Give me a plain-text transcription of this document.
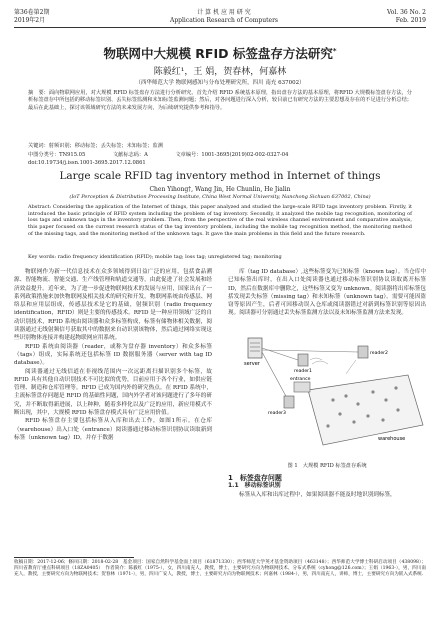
第36卷第2期
2019年2月
计 算 机 应 用 研 究
Application Research of Computers
Vol. 36 No. 2
Feb. 2019
物联网中大规模 RFID 标签盘存方法研究*
陈毅红¹，王 娟，贺春林，何嘉林
（西华师范大学 物联网感知与分布处理研究所，四川 南充 637002）
摘　要：面向物联网应用，对大规模 RFID 标签盘存方法进行分析研究。首先介绍 RFID 系统基本原理，指出盘存方法的基本原理，将RFID 大规模标签盘存方法，分析标签盘存中所包括的移动标签识别、丢失标签监测和未知标签监测问题；然后，对各问题进行深入分析，较目前已有研究方法的主要思想及存在的不足进行分析总结；最后在此基础上，探讨该领域研究方法的未来发展方向，为后续研究提供参考和指导。
关键词：射频识别；移动标签；丢失标签；未知标签；监测
中图分类号：TN915.05	文献标志码：A	文章编号：1001-3695(2019)02-002-0327-04
doi:10.19734/j.issn.1001-3695.2017.12.0861
Large scale RFID tag inventory method in Internet of things
Chen Yihong†, Wang Jin, He Chunlin, He Jialin
(IoT Perception & Distribution Processing Institute, China West Normal University, Nanchong Sichuan 637002, China)
Abstract: Considering the application of the Internet of things, this paper analyzed and studied the large-scale RFID tags inventory problem. Firstly, it introduced the basic principle of RFID system including the problem of tag inventory. Secondly, it analyzed the mobile tag recognition, monitoring of loss tags and unknown tags in the inventory problem. Then, from the perspective of the real wireless channel environment and comparative analysis, this paper focused on the current research status of the tag inventory problem, including the mobile tag recognition method, the monitoring method of the missing tags, and the monitoring method of the unknown tags. It gave the main problems in this field and the future research.
Key words: radio frequency identification (RFID); mobile tag; loss tag; unregistered tag; monitoring

物联网作为新一代信息技术在众多领域得到日益广泛的应用，包括食品溯源、智能物流、智能交通、生产线管理和轨道交通等，由此促进了社会发展和经济效益提升。近年来，为了进一步促进物联网技术的发展与应用，国家出台了一系列政策措施来加快物联网及相关技术的研究和开发。物联网系统由传感层、网络层和应用层组成，传感层技术是它的基础，射频识别（radio frequency identification，RFID）则是主要的传感技术。RFID 是一种应用领域广泛的自动识别技术，RFID 系统由阅读器和众多标签构成，标签有储物体相关数据，阅读器通过无线射频信号获取其中的数据来自动识别该物体，然后通过网络实现这些识别物体连接并构建起物联网应用系统。

RFID 系统由阅读器（reader，或称为盘存器 inventory）和众多标签（tags）组成，实际系统还包括标签 ID 数据服务器（server with tag ID database）。

阅读器通过无线信道在非视线范围内一次远距离扫描识别多个标签，故 RFID 具有其他自动识别技术不可比拟的优势，目前应用于各个行业，如供应链管理、制造和仓库管理等。RFID 已成为国内外的研究热点。在 RFID 系统中，主流标签盘存问题是 RFID 的基础性问题，国内外学者对该问题进行了多年的研究，并不断取得新进展，以上种种，随着多样化以及广泛的应用，新应用模式不断出现，其中，大规模 RFID 标签盘存模式具有广泛应用价值。

RFID 标签盘存主要包括标签从入库和出去工作，如图1所示。在仓库（warehouse）出入口处（entrance）阅读器通过移动标签识别协议读取新到标签（unknown tag）ID，并存于数据

库（tag ID database）,这些标签变为已知标签（known tag）。当仓库中已知标签出库时，在出入口处阅读器也通过移动标签识别协议读取离开标签 ID，然后在数据库中删除之，这些标签又变为 unknown。阅读器将出库标签包括发现丢失标签（missing tag）和未知标签（unknown tag）。需要可能因盗窃等原因产生，后者可因移动误入仓库或阅读器错过对新到标签识别等原因出现。阅读器可分别通过丢失标签监测方法以及未知标签监测方法来发现。

server
reader1
reader2
reader3
warehouse
entrance
图 1　大规模 RFID 标签盘存系统

1　标签盘存问题

1.1　移动标签识别

标签从入库和出库过程中，如果阅读器不能及时地识别到标签，

收稿日期：2017-12-06；修回日期：2018-02-28　基金项目：国家自然科学基金面上项目（61871330）；西华师范大学英才基金资助项目（463148）；西华师范大学博士科研启动项目（438098）；四川省教育厅重点科研项目（18ZA0405）　作者简介：陈毅红（1975-），女，四川南充人，教授，博士，主要研究方向为物联网技术、分布式系统（cyhong@126.com）；王娟（1963-），男，四川南充人，教授，主要研究方向为物联网技术；贺春林（1971-），男，四川广安人，教授，博士，主要研究方向为物联网技术；何嘉林（1984-），男，四川南充人，讲师，博士，主要研究方向为嵌入式系统.
